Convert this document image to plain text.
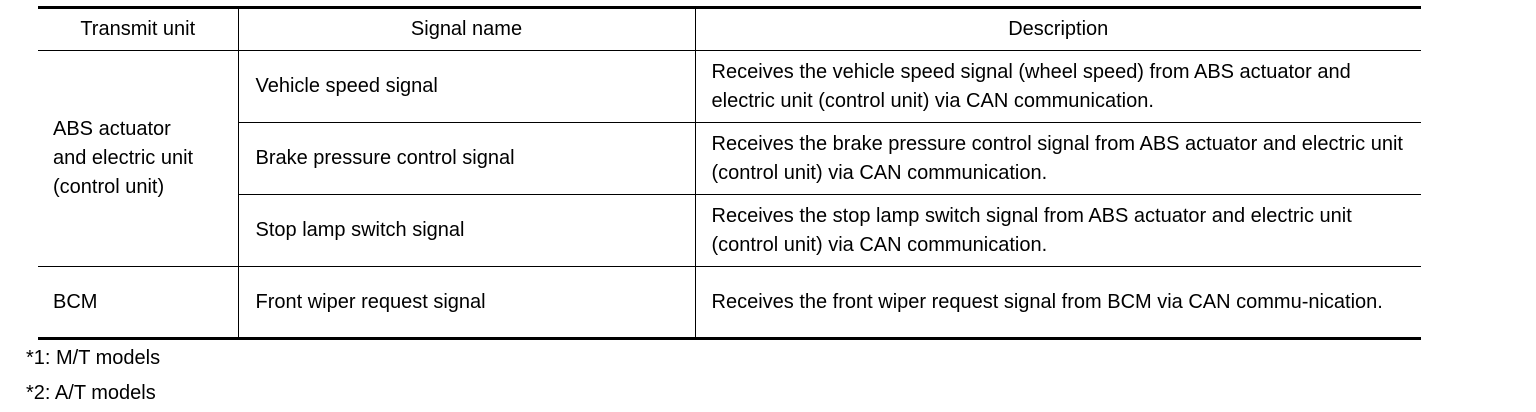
Transmit unit	Signal name	Description
ABS actuator
and electric unit
(control unit)	Vehicle speed signal	Receives the vehicle speed signal (wheel speed) from ABS actuator and electric unit (control unit) via CAN communication.
	Brake pressure control signal	Receives the brake pressure control signal from ABS actuator and electric unit (control unit) via CAN communication.
	Stop lamp switch signal	Receives the stop lamp switch signal from ABS actuator and electric unit (control unit) via CAN communication.
BCM	Front wiper request signal	Receives the front wiper request signal from BCM via CAN commu-nication.
*1: M/T models
*2: A/T models
